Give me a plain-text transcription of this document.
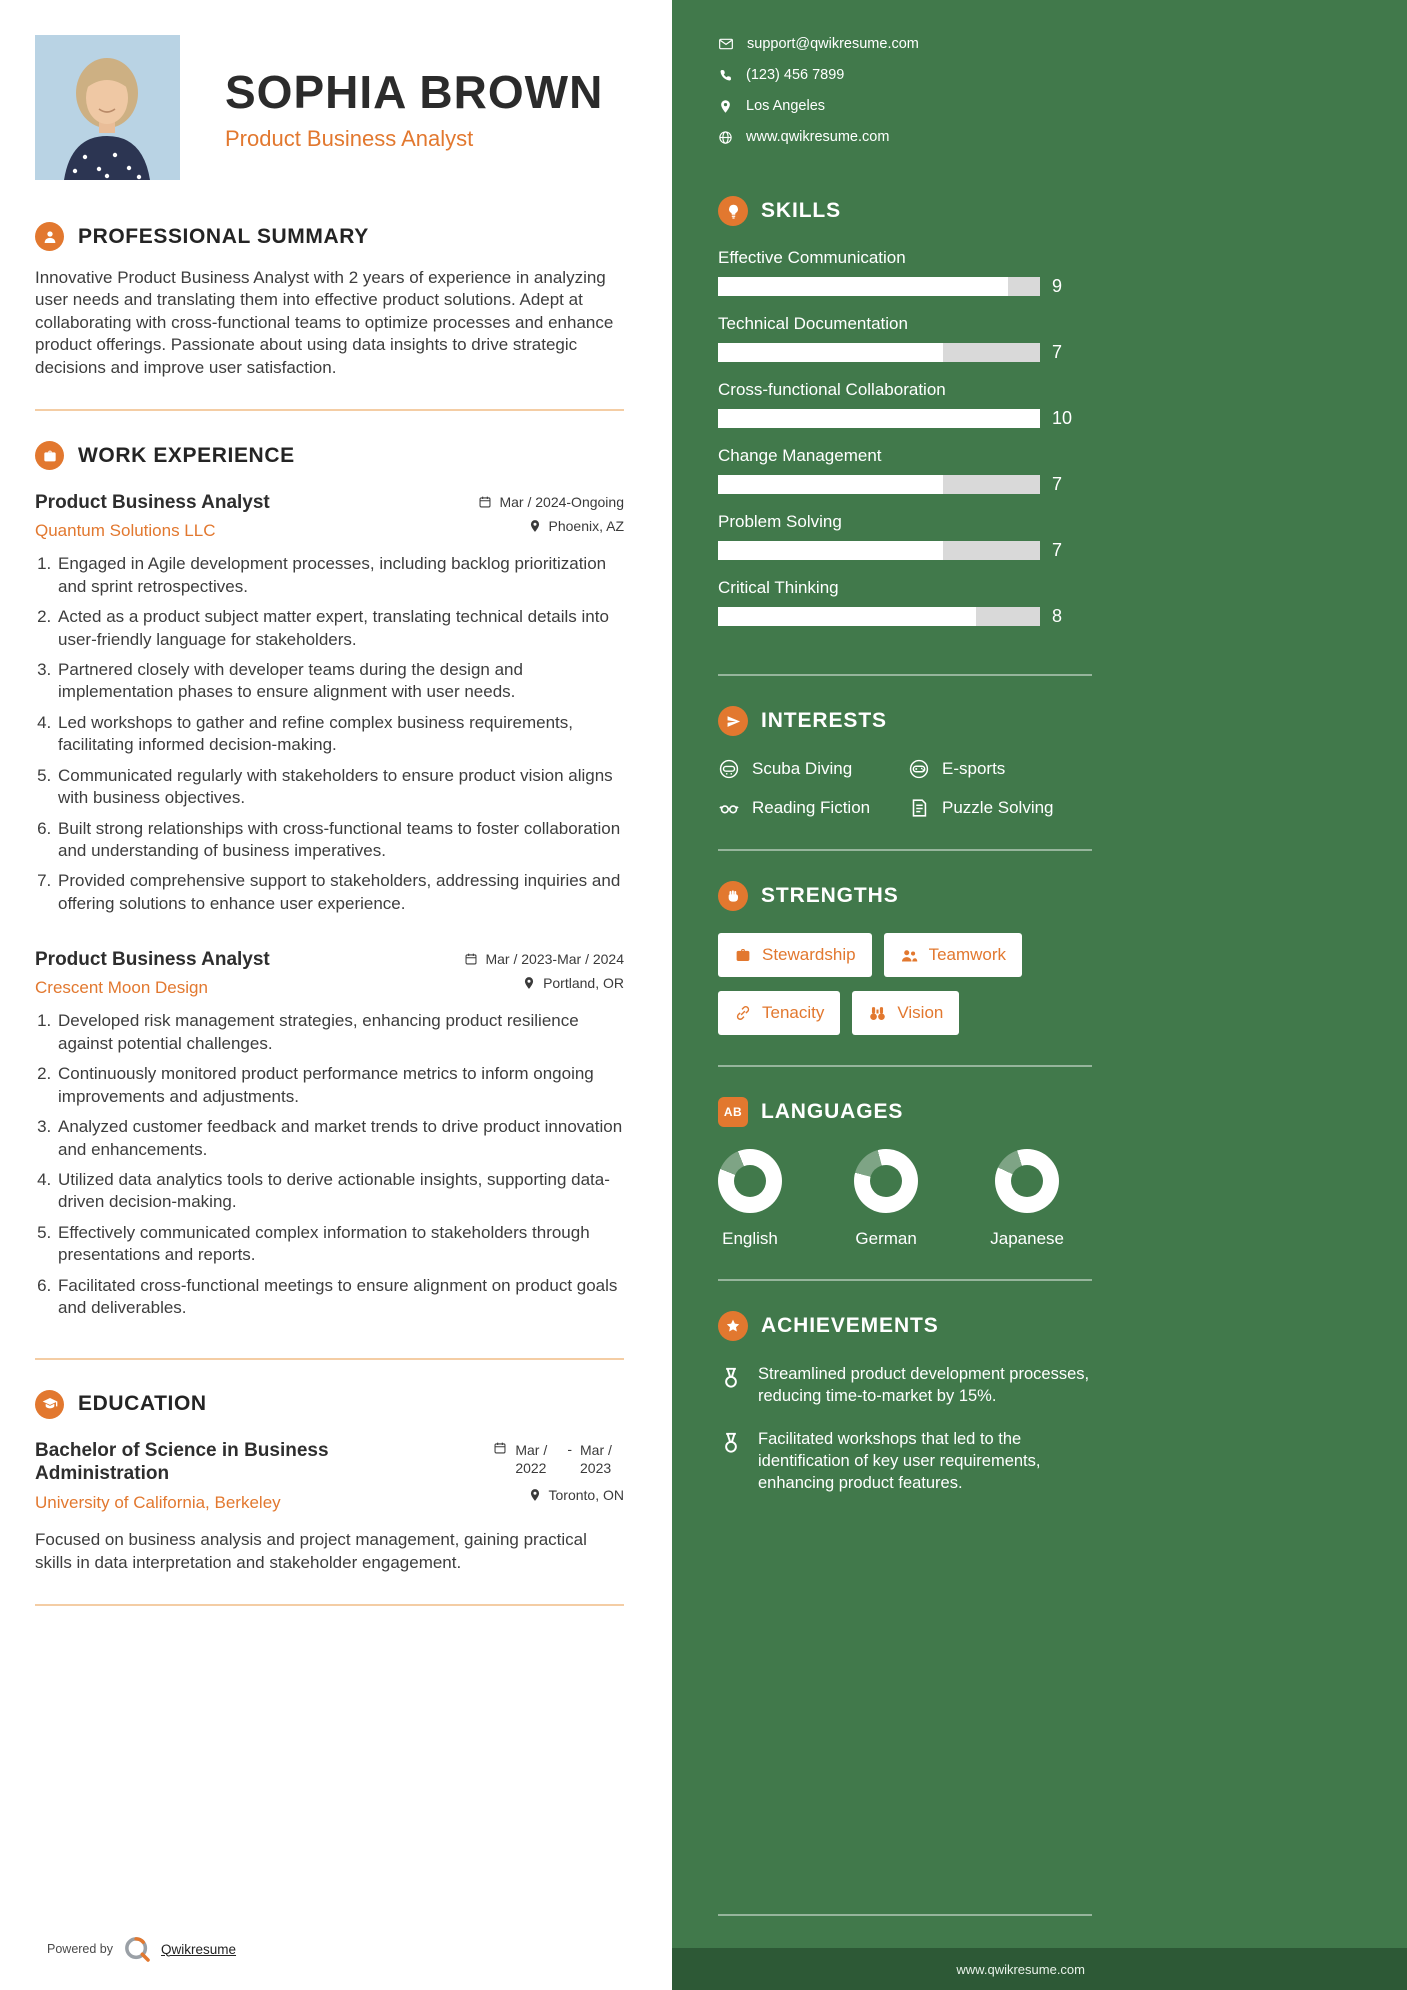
SOPHIA BROWN
Product Business Analyst
PROFESSIONAL SUMMARY

Innovative Product Business Analyst with 2 years of experience in analyzing user needs and translating them into effective product solutions. Adept at collaborating with cross-functional teams to optimize processes and enhance product offerings. Passionate about using data insights to drive strategic decisions and improve user satisfaction.

WORK EXPERIENCE
Product Business Analyst
Quantum Solutions LLC
Mar / 2024-Ongoing
Phoenix, AZ
1. Engaged in Agile development processes, including backlog prioritization and sprint retrospectives.
2. Acted as a product subject matter expert, translating technical details into user-friendly language for stakeholders.
3. Partnered closely with developer teams during the design and implementation phases to ensure alignment with user needs.
4. Led workshops to gather and refine complex business requirements, facilitating informed decision-making.
5. Communicated regularly with stakeholders to ensure product vision aligns with business objectives.
6. Built strong relationships with cross-functional teams to foster collaboration and understanding of business imperatives.
7. Provided comprehensive support to stakeholders, addressing inquiries and offering solutions to enhance user experience.
Product Business Analyst
Crescent Moon Design
Mar / 2023-Mar / 2024
Portland, OR
1. Developed risk management strategies, enhancing product resilience against potential challenges.
2. Continuously monitored product performance metrics to inform ongoing improvements and adjustments.
3. Analyzed customer feedback and market trends to drive product innovation and enhancements.
4. Utilized data analytics tools to derive actionable insights, supporting data-driven decision-making.
5. Effectively communicated complex information to stakeholders through presentations and reports.
6. Facilitated cross-functional meetings to ensure alignment on product goals and deliverables.
EDUCATION
Bachelor of Science in Business Administration
University of California, Berkeley
Mar / 2022
- Mar / 2023
Toronto, ON

Focused on business analysis and project management, gaining practical skills in data interpretation and stakeholder engagement.

Powered by	Qwikresume
support@qwikresume.com
(123) 456 7899
Los Angeles
www.qwikresume.com
SKILLS
Effective Communication
9
Technical Documentation
7
Cross-functional Collaboration
10
Change Management
7
Problem Solving
7
Critical Thinking
8
INTERESTS
Scuba Diving	E-sports
Reading Fiction	Puzzle Solving
STRENGTHS
Stewardship	Teamwork
Tenacity	Vision
AB LANGUAGES
English	German	Japanese
ACHIEVEMENTS
Streamlined product development processes, reducing time-to-market by 15%.
Facilitated workshops that led to the identification of key user requirements, enhancing product features.
www.qwikresume.com
